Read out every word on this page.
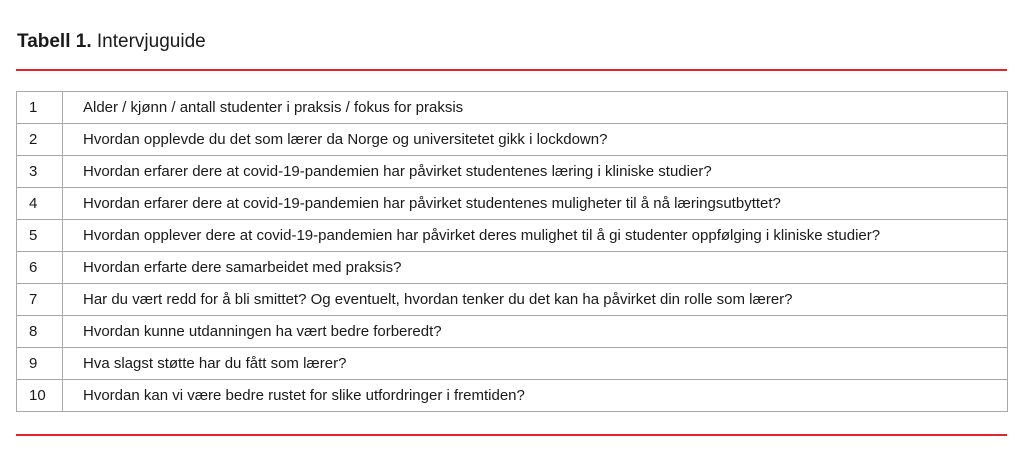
Tabell 1. Intervjuguide
1	Alder / kjønn / antall studenter i praksis / fokus for praksis
2	Hvordan opplevde du det som lærer da Norge og universitetet gikk i lockdown?
3	Hvordan erfarer dere at covid-19-pandemien har påvirket studentenes læring i kliniske studier?
4	Hvordan erfarer dere at covid-19-pandemien har påvirket studentenes muligheter til å nå læringsutbyttet?
5	Hvordan opplever dere at covid-19-pandemien har påvirket deres mulighet til å gi studenter oppfølging i kliniske studier?
6	Hvordan erfarte dere samarbeidet med praksis?
7	Har du vært redd for å bli smittet? Og eventuelt, hvordan tenker du det kan ha påvirket din rolle som lærer?
8	Hvordan kunne utdanningen ha vært bedre forberedt?
9	Hva slagst støtte har du fått som lærer?
10	Hvordan kan vi være bedre rustet for slike utfordringer i fremtiden?
